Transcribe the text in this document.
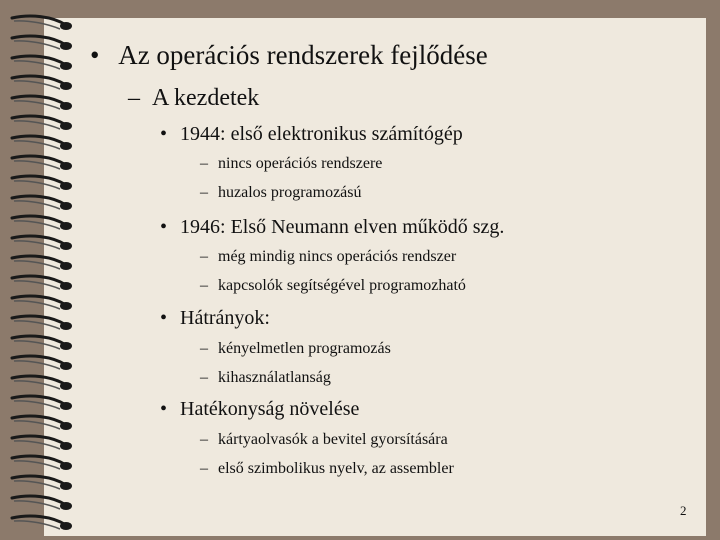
• Az operációs rendszerek fejlődése
– A kezdetek
• 1944: első elektronikus számítógép
– nincs operációs rendszere
– huzalos programozású
• 1946: Első Neumann elven működő szg.
– még mindig nincs operációs rendszer
– kapcsolók segítségével programozható
• Hátrányok:
– kényelmetlen programozás
– kihasználatlanság
• Hatékonyság növelése
– kártyaolvasók a bevitel gyorsítására
– első szimbolikus nyelv, az assembler
2
